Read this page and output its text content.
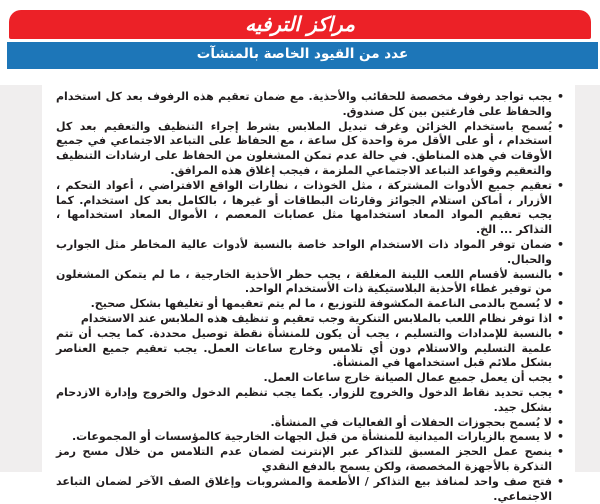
مراكز الترفيه
عدد من القيود الخاصة بالمنشآت
•
يجب تواجد رفوف مخصصة للحقائب والأحذية. مع ضمان تعقيم هذه الرفوف بعد كل استخدام والحفاظ على فارغتين بين كل صندوق.
•
يُسمح باستخدام الخزائن وغرف تبديل الملابس بشرط إجراء التنظيف والتعقيم بعد كل استخدام ، أو على الأقل مرة واحدة كل ساعة ، مع الحفاظ على التباعد الاجتماعي في جميع الأوقات في هذه المناطق. في حالة عدم تمكن المشغلون من الحفاظ على ارشادات التنظيف والتعقيم وقواعد التباعد الاجتماعي الملزمة ، فيجب إغلاق هذه المرافق.
•
تعقيم جميع الأدوات المشتركة ، مثل الخوذات ، نظارات الواقع الافتراضي ، أعواد التحكم ، الأزرار ، أماكن استلام الجوائز وقارئات البطاقات أو غيرها ، بالكامل بعد كل استخدام. كما يجب تعقيم المواد المعاد استخدامها مثل عصابات المعصم ، الأموال المعاد استخدامها ، التذاكر ... الخ.
•
ضمان توفر المواد ذات الاستخدام الواحد خاصة بالنسبة لأدوات عالية المخاطر مثل الجوارب والحبال.
•
بالنسبة لأقسام اللعب اللينة المغلقة ، يجب حظر الأحذية الخارجية ، ما لم يتمكن المشغلون من توفير غطاء الأحذية البلاستيكية ذات الأستخدام الواحد.
•
لا يُسمح بالدمى الناعمة المكشوفة للتوزيع ، ما لم يتم تعقيمها أو تغليفها بشكل صحيح.
•
اذا توفر نظام اللعب بالملابس التنكرية وجب تعقيم و تنظيف هذه الملابس عند الاستخدام
•
بالنسبة للإمدادات والتسليم ، يجب أن يكون للمنشأة نقطة توصيل محددة. كما يجب أن تتم علمية التسليم والاستلام دون أي تلامس وخارج ساعات العمل. يجب تعقيم جميع العناصر بشكل ملائم قبل استخدامها في المنشأة.
•
يجب أن يعمل جميع عمال الصيانة خارج ساعات العمل.
•
يجب تحديد نقاط الدخول والخروج للزوار. يكما يجب تنظيم الدخول والخروج وإدارة الازدحام بشكل جيد.
•
لا يُسمح بحجوزات الحفلات أو الفعاليات في المنشأة.
•
لا يسمح بالزيارات الميدانية للمنشأة من قبل الجهات الخارجية كالمؤسسات أو المجموعات.
•
ينصح عمل الحجز المسبق للتذاكر عبر الإنترنت لضمان عدم التلامس من خلال مسح رمز التذكرة بالأجهزة المخصصة، ولكن يسمح بالدفع النقدي
•
فتح صف واحد لمنافذ بيع التذاكر / الأطعمة والمشروبات وإغلاق الصف الآخر لضمان التباعد الاجتماعي.
